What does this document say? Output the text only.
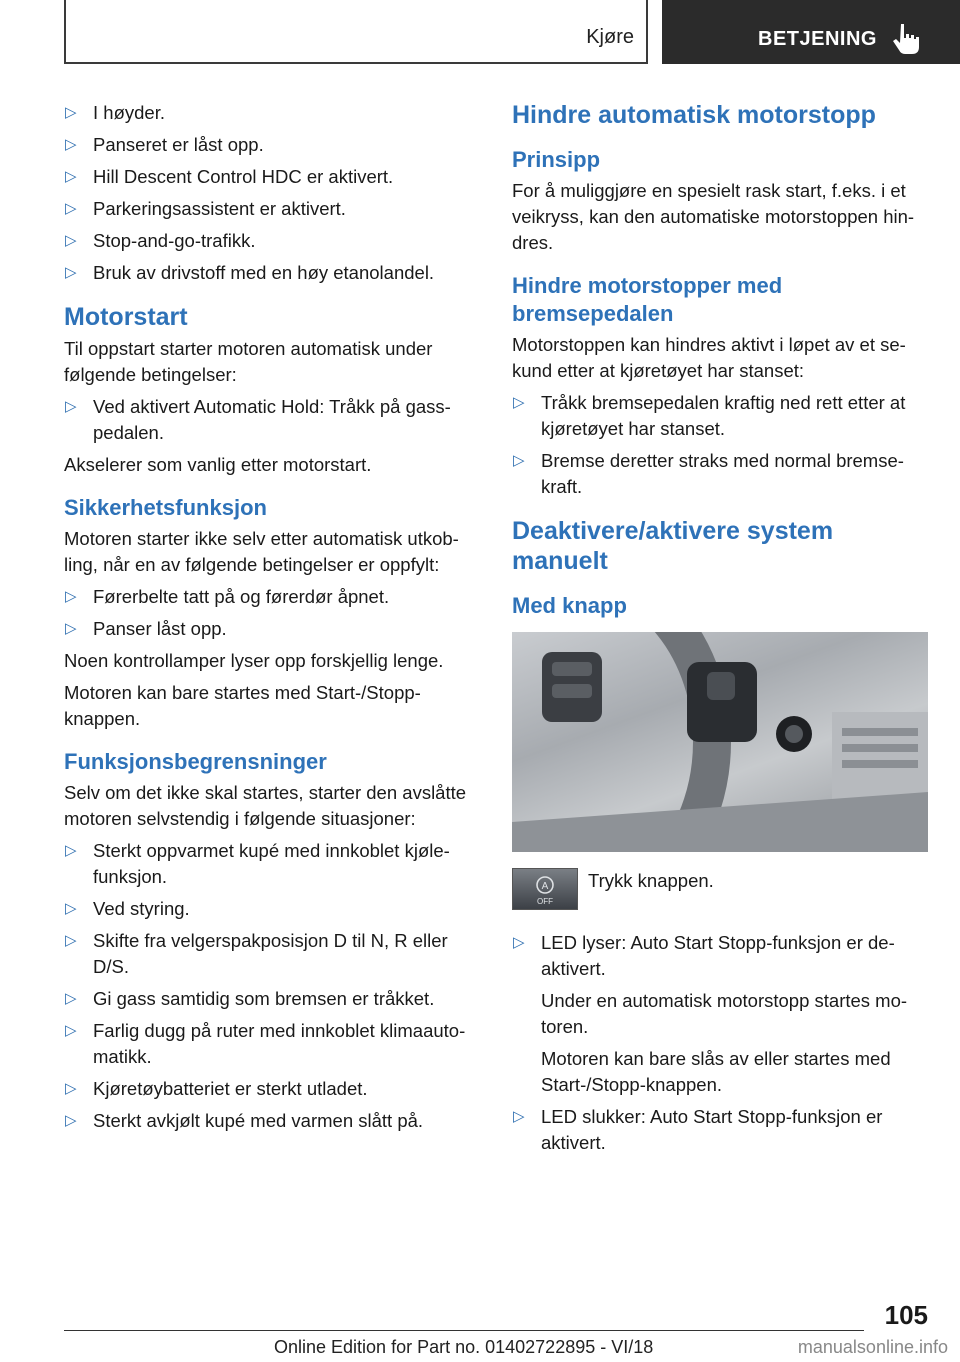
Kjøre	BETJENING
▷ I høyder.
▷ Panseret er låst opp.
▷ Hill Descent Control HDC er aktivert.
▷ Parkeringsassistent er aktivert.
▷ Stop-and-go-trafikk.
▷ Bruk av drivstoff med en høy etanolandel.
Motorstart

Til oppstart starter motoren automatisk under følgende betingelser:

▷ Ved aktivert Automatic Hold: Tråkk på gass-pedalen.

Akselerer som vanlig etter motorstart.

Sikkerhetsfunksjon

Motoren starter ikke selv etter automatisk utkob-ling, når en av følgende betingelser er oppfylt:

▷ Førerbelte tatt på og førerdør åpnet.
▷ Panser låst opp.

Noen kontrollamper lyser opp forskjellig lenge.

Motoren kan bare startes med Start-/Stopp-knappen.

Funksjonsbegrensninger

Selv om det ikke skal startes, starter den avslåtte motoren selvstendig i følgende situasjoner:

▷ Sterkt oppvarmet kupé med innkoblet kjøle-funksjon.
▷ Ved styring.
▷ Skifte fra velgerspakposisjon D til N, R eller D/S.
▷ Gi gass samtidig som bremsen er tråkket.
▷ Farlig dugg på ruter med innkoblet klimaauto-matikk.
▷ Kjøretøybatteriet er sterkt utladet.
▷ Sterkt avkjølt kupé med varmen slått på.
Hindre automatisk motorstopp
Prinsipp

For å muliggjøre en spesielt rask start, f.eks. i et veikryss, kan den automatiske motorstoppen hin-dres.

Hindre motorstopper med bremsepedalen

Motorstoppen kan hindres aktivt i løpet av et se-kund etter at kjøretøyet har stanset:

▷ Tråkk bremsepedalen kraftig ned rett etter at kjøretøyet har stanset.
▷ Bremse deretter straks med normal bremse-kraft.
Deaktivere/aktivere system manuelt
Med knapp
A
OFF
Trykk knappen.
▷ LED lyser: Auto Start Stopp-funksjon er de-aktivert.

Under en automatisk motorstopp startes mo-toren.

Motoren kan bare slås av eller startes med Start-/Stopp-knappen.

▷ LED slukker: Auto Start Stopp-funksjon er aktivert.
105
Online Edition for Part no. 01402722895 - VI/18	manualsonline.info
